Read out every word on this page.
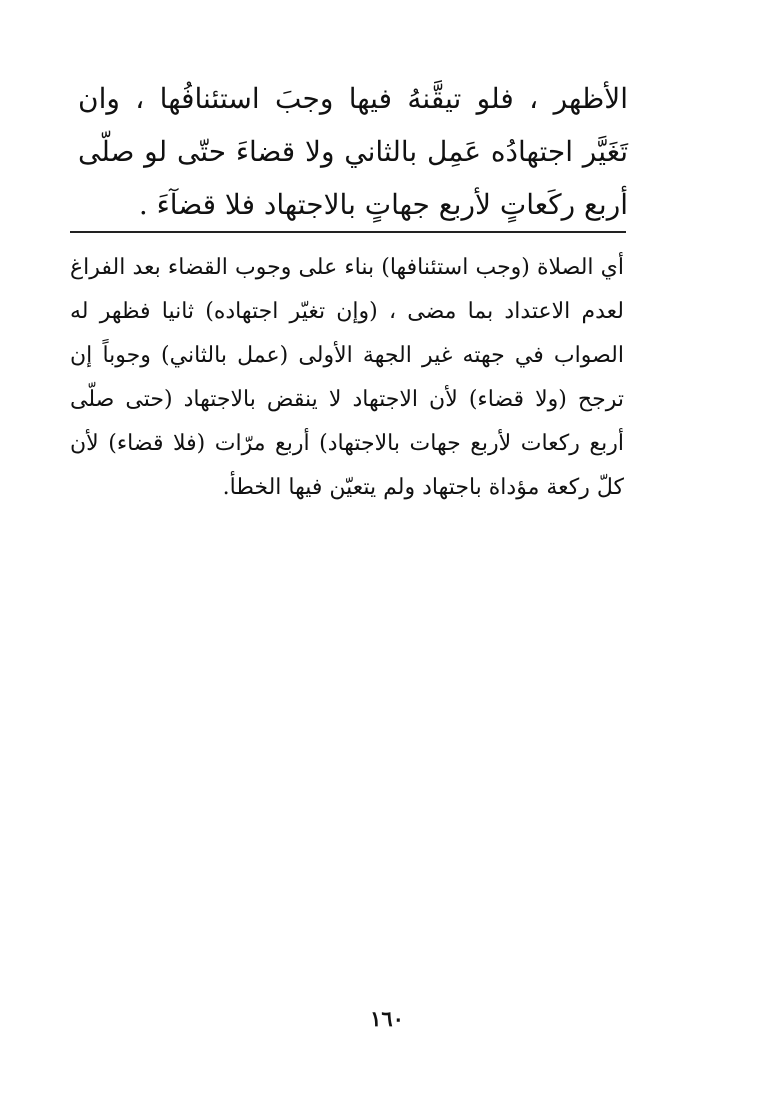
الأظهر ، فلو تيقَّنهُ فيها وجبَ استئنافُها ، وان تَغَيَّر اجتهادُه عَمِل بالثاني ولا قضاءَ حتّى لو صلّى أربع ركَعاتٍ لأربع جهاتٍ بالاجتهاد فلا قضآءَ .

أي الصلاة (وجب استئنافها) بناء على وجوب القضاء بعد الفراغ لعدم الاعتداد بما مضى ، (وإن تغيّر اجتهاده) ثانيا فظهر له الصواب في جهته غير الجهة الأولى (عمل بالثاني) وجوباً إن ترجح (ولا قضاء) لأن الاجتهاد لا ينقض بالاجتهاد (حتى صلّى أربع ركعات لأربع جهات بالاجتهاد) أربع مرّات (فلا قضاء) لأن كلّ ركعة مؤداة باجتهاد ولم يتعيّن فيها الخطأ.

١٦٠
